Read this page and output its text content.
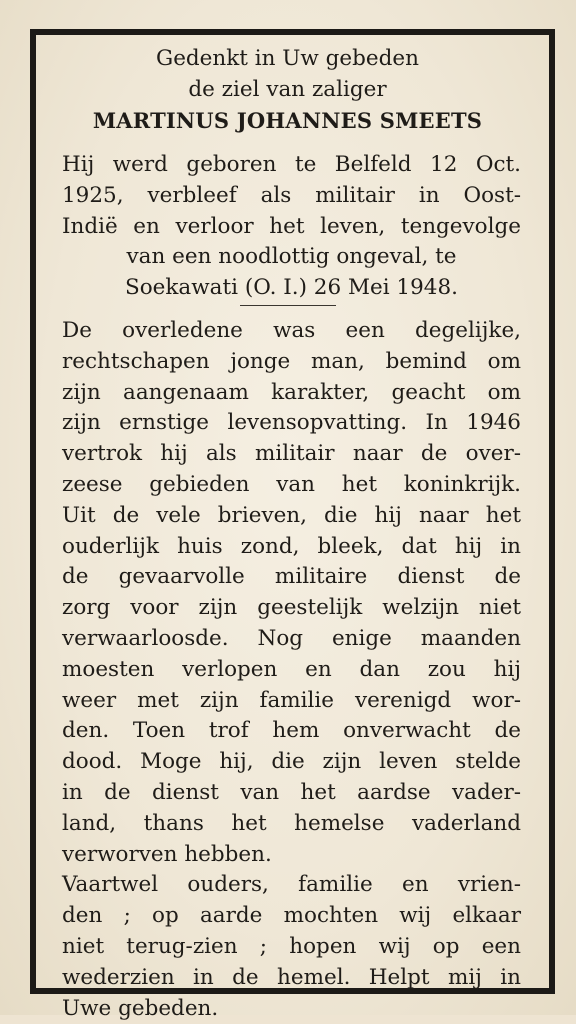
Gedenkt in Uw gebeden
de ziel van zaliger
MARTINUS JOHANNES SMEETS
Hij werd geboren te Belfeld 12 Oct.
1925, verbleef als militair in Oost-
Indië en verloor het leven, tengevolge
van een noodlottig ongeval, te
Soekawati (O. I.) 26 Mei 1948.
De overledene was een degelijke,
rechtschapen jonge man, bemind om
zijn aangenaam karakter, geacht om
zijn ernstige levensopvatting. In 1946
vertrok hij als militair naar de over-
zeese gebieden van het koninkrijk.
Uit de vele brieven, die hij naar het
ouderlijk huis zond, bleek, dat hij in
de gevaarvolle militaire dienst de
zorg voor zijn geestelijk welzijn niet
verwaarloosde. Nog enige maanden
moesten verlopen en dan zou hij
weer met zijn familie verenigd wor-
den. Toen trof hem onverwacht de
dood. Moge hij, die zijn leven stelde
in de dienst van het aardse vader-
land, thans het hemelse vaderland
verworven hebben.
Vaartwel ouders, familie en vrien-
den ; op aarde mochten wij elkaar
niet terug-zien ; hopen wij op een
wederzien in de hemel. Helpt mij in
Uwe gebeden.
